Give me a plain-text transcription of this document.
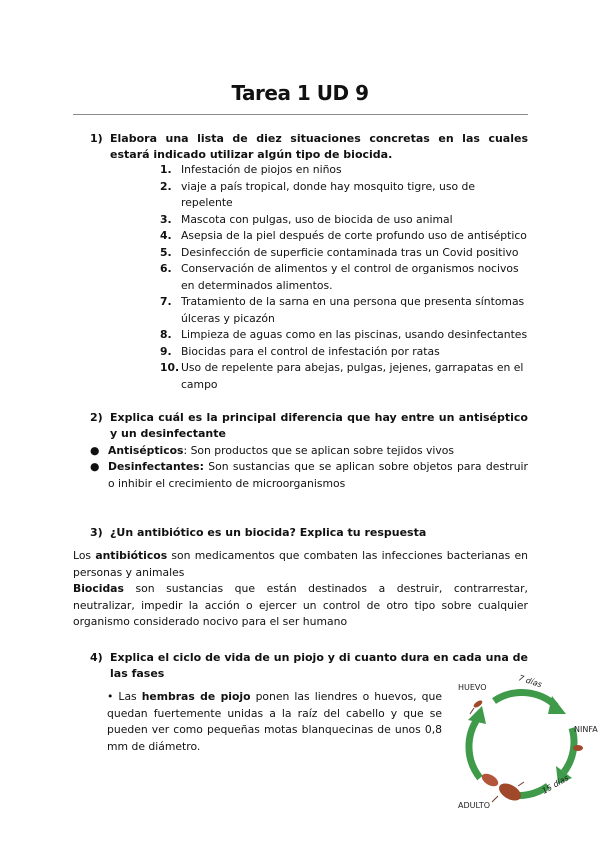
Tarea 1 UD 9
1) Elabora una lista de diez situaciones concretas en las cuales estará indicado utilizar algún tipo de biocida.
1. Infestación de piojos en niños
2. viaje a país tropical, donde hay mosquito tigre, uso de repelente
3. Mascota con pulgas, uso de biocida de uso animal
4. Asepsia de la piel después de corte profundo uso de antiséptico
5. Desinfección de superficie contaminada tras un Covid positivo
6. Conservación de alimentos y el control de organismos nocivos en determinados alimentos.
7. Tratamiento de la sarna en una persona que presenta síntomas úlceras y picazón
8. Limpieza de aguas como en las piscinas, usando desinfectantes
9. Biocidas para el control de infestación por ratas
10. Uso de repelente para abejas, pulgas, jejenes, garrapatas en el campo
2) Explica cuál es la principal diferencia que hay entre un antiséptico y un desinfectante
● Antisépticos: Son productos que se aplican sobre tejidos vivos
● Desinfectantes: Son sustancias que se aplican sobre objetos para destruir o inhibir el crecimiento de microorganismos
3) ¿Un antibiótico es un biocida? Explica tu respuesta
Los antibióticos son medicamentos que combaten las infecciones bacterianas en personas y animales
Biocidas son sustancias que están destinados a destruir, contrarrestar, neutralizar, impedir la acción o ejercer un control de otro tipo sobre cualquier organismo considerado nocivo para el ser humano
4) Explica el ciclo de vida de un piojo y di cuanto dura en cada una de las fases
• Las hembras de piojo ponen las liendres o huevos, que quedan fuertemente unidas a la raíz del cabello y que se pueden ver como pequeñas motas blanquecinas de unos 0,8 mm de diámetro.
HUEVO
NINFA
ADULTO
7 días
15 días
